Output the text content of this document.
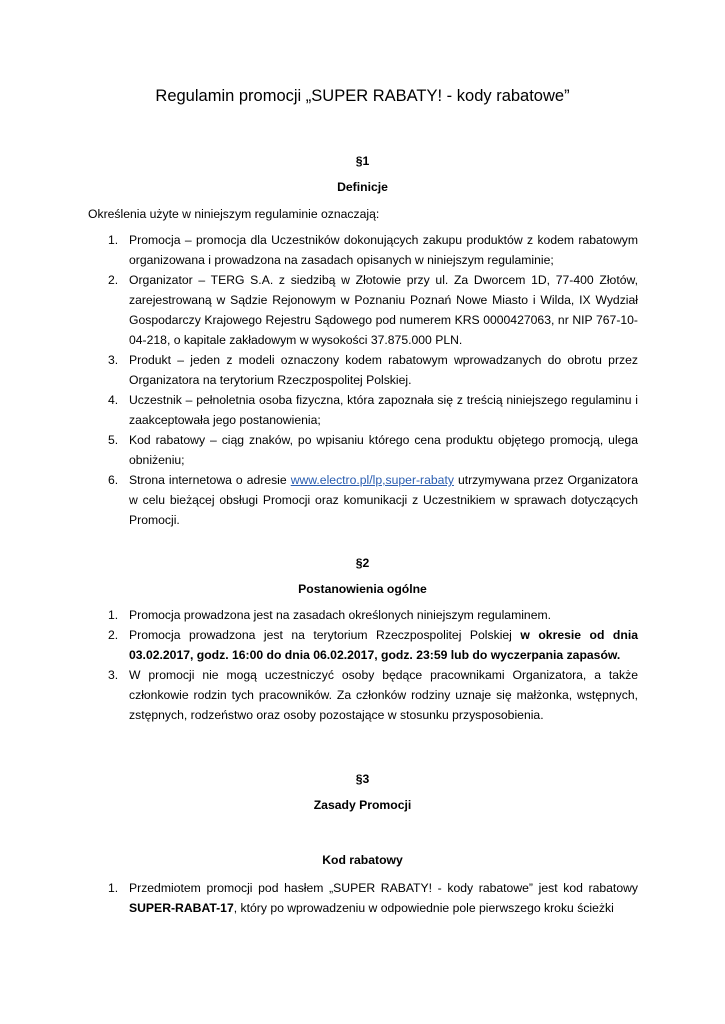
Regulamin promocji „SUPER RABATY! - kody rabatowe”
§1
Definicje
Określenia użyte w niniejszym regulaminie oznaczają:
1. Promocja – promocja dla Uczestników dokonujących zakupu produktów z kodem rabatowym organizowana i prowadzona na zasadach opisanych w niniejszym regulaminie;
2. Organizator – TERG S.A. z siedzibą w Złotowie przy ul. Za Dworcem 1D, 77-400 Złotów, zarejestrowaną w Sądzie Rejonowym w Poznaniu Poznań Nowe Miasto i Wilda, IX Wydział Gospodarczy Krajowego Rejestru Sądowego pod numerem KRS 0000427063, nr NIP 767-10-04-218, o kapitale zakładowym w wysokości 37.875.000 PLN.
3. Produkt – jeden z modeli oznaczony kodem rabatowym wprowadzanych do obrotu przez Organizatora na terytorium Rzeczpospolitej Polskiej.
4. Uczestnik – pełnoletnia osoba fizyczna, która zapoznała się z treścią niniejszego regulaminu i zaakceptowała jego postanowienia;
5. Kod rabatowy – ciąg znaków, po wpisaniu którego cena produktu objętego promocją, ulega obniżeniu;
6. Strona internetowa o adresie www.electro.pl/lp,super-rabaty utrzymywana przez Organizatora w celu bieżącej obsługi Promocji oraz komunikacji z Uczestnikiem w sprawach dotyczących Promocji.
§2
Postanowienia ogólne
1. Promocja prowadzona jest na zasadach określonych niniejszym regulaminem.
2. Promocja prowadzona jest na terytorium Rzeczpospolitej Polskiej w okresie od dnia 03.02.2017, godz. 16:00 do dnia 06.02.2017, godz. 23:59 lub do wyczerpania zapasów.
3. W promocji nie mogą uczestniczyć osoby będące pracownikami Organizatora, a także członkowie rodzin tych pracowników. Za członków rodziny uznaje się małżonka, wstępnych, zstępnych, rodzeństwo oraz osoby pozostające w stosunku przysposobienia.
§3
Zasady Promocji
Kod rabatowy
1. Przedmiotem promocji pod hasłem „SUPER RABATY! - kody rabatowe” jest kod rabatowy SUPER-RABAT-17, który po wprowadzeniu w odpowiednie pole pierwszego kroku ścieżki
